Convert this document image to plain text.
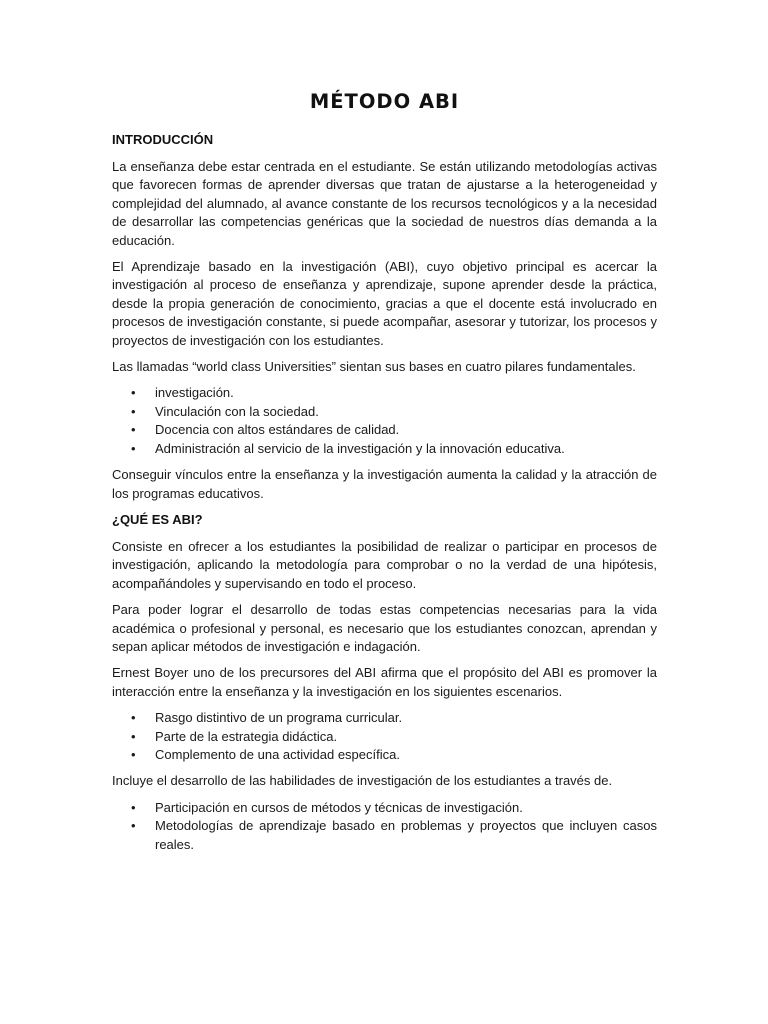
MÉTODO ABI
INTRODUCCIÓN

La enseñanza debe estar centrada en el estudiante. Se están utilizando metodologías activas que favorecen formas de aprender diversas que tratan de ajustarse a la heterogeneidad y complejidad del alumnado, al avance constante de los recursos tecnológicos y a la necesidad de desarrollar las competencias genéricas que la sociedad de nuestros días demanda a la educación.

El Aprendizaje basado en la investigación (ABI), cuyo objetivo principal es acercar la investigación al proceso de enseñanza y aprendizaje, supone aprender desde la práctica, desde la propia generación de conocimiento, gracias a que el docente está involucrado en procesos de investigación constante, si puede acompañar, asesorar y tutorizar, los procesos y proyectos de investigación con los estudiantes.

Las llamadas “world class Universities” sientan sus bases en cuatro pilares fundamentales.

• investigación.
• Vinculación con la sociedad.
• Docencia con altos estándares de calidad.
• Administración al servicio de la investigación y la innovación educativa.

Conseguir vínculos entre la enseñanza y la investigación aumenta la calidad y la atracción de los programas educativos.

¿QUÉ ES ABI?

Consiste en ofrecer a los estudiantes la posibilidad de realizar o participar en procesos de investigación, aplicando la metodología para comprobar o no la verdad de una hipótesis, acompañándoles y supervisando en todo el proceso.

Para poder lograr el desarrollo de todas estas competencias necesarias para la vida académica o profesional y personal, es necesario que los estudiantes conozcan, aprendan y sepan aplicar métodos de investigación e indagación.

Ernest Boyer uno de los precursores del ABI afirma que el propósito del ABI es promover la interacción entre la enseñanza y la investigación en los siguientes escenarios.

• Rasgo distintivo de un programa curricular.
• Parte de la estrategia didáctica.
• Complemento de una actividad específica.

Incluye el desarrollo de las habilidades de investigación de los estudiantes a través de.

• Participación en cursos de métodos y técnicas de investigación.
• Metodologías de aprendizaje basado en problemas y proyectos que incluyen casos reales.
